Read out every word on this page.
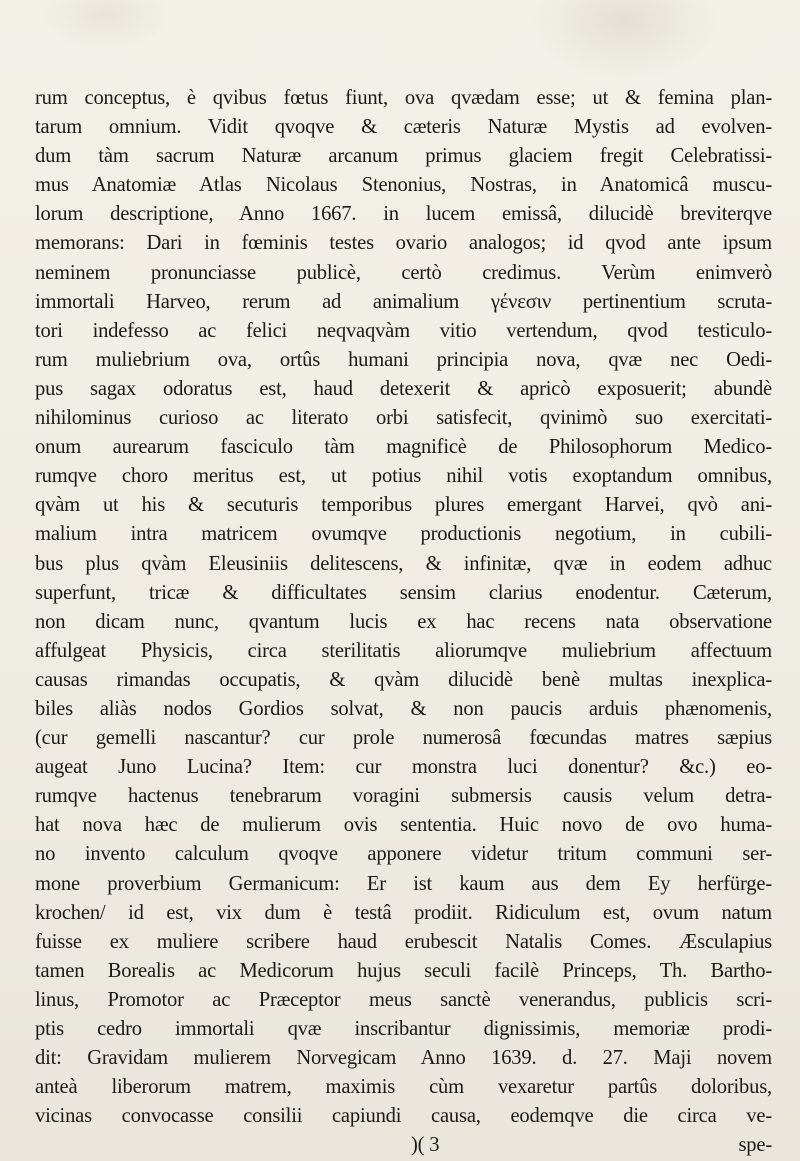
rum conceptus, è qvibus fœtus fiunt, ova qvædam esse; ut & femina plan-
tarum omnium. Vidit qvoqve & cæteris Naturæ Mystis ad evolven-
dum tàm sacrum Naturæ arcanum primus glaciem fregit Celebratissi-
mus Anatomiæ Atlas Nicolaus Stenonius, Nostras, in Anatomicâ muscu-
lorum descriptione, Anno 1667. in lucem emissâ, dilucidè breviterqve
memorans: Dari in fœminis testes ovario analogos; id qvod ante ipsum
neminem pronunciasse publicè, certò credimus. Verùm enimverò
immortali Harveo, rerum ad animalium γένεσιν pertinentium scruta-
tori indefesso ac felici neqvaqvàm vitio vertendum, qvod testiculo-
rum muliebrium ova, ortûs humani principia nova, qvæ nec Oedi-
pus sagax odoratus est, haud detexerit & apricò exposuerit; abundè
nihilominus curioso ac literato orbi satisfecit, qvinimò suo exercitati-
onum aurearum fasciculo tàm magnificè de Philosophorum Medico-
rumqve choro meritus est, ut potius nihil votis exoptandum omnibus,
qvàm ut his & secuturis temporibus plures emergant Harvei, qvò ani-
malium intra matricem ovumqve productionis negotium, in cubili-
bus plus qvàm Eleusiniis delitescens, & infinitæ, qvæ in eodem adhuc
superfunt, tricæ & difficultates sensim clarius enodentur. Cæterum,
non dicam nunc, qvantum lucis ex hac recens nata observatione
affulgeat Physicis, circa sterilitatis aliorumqve muliebrium affectuum
causas rimandas occupatis, & qvàm dilucidè benè multas inexplica-
biles aliàs nodos Gordios solvat, & non paucis arduis phænomenis,
(cur gemelli nascantur? cur prole numerosâ fœcundas matres sæpius
augeat Juno Lucina? Item: cur monstra luci donentur? &c.) eo-
rumqve hactenus tenebrarum voragini submersis causis velum detra-
hat nova hæc de mulierum ovis sententia. Huic novo de ovo huma-
no invento calculum qvoqve apponere videtur tritum communi ser-
mone proverbium Germanicum: Er ist kaum aus dem Ey herfürge-
krochen/ id est, vix dum è testâ prodiit. Ridiculum est, ovum natum
fuisse ex muliere scribere haud erubescit Natalis Comes. Æsculapius
tamen Borealis ac Medicorum hujus seculi facilè Princeps, Th. Bartho-
linus, Promotor ac Præceptor meus sanctè venerandus, publicis scri-
ptis cedro immortali qvæ inscribantur dignissimis, memoriæ prodi-
dit: Gravidam mulierem Norvegicam Anno 1639. d. 27. Maji novem
anteà liberorum matrem, maximis cùm vexaretur partûs doloribus,
vicinas convocasse consilii capiundi causa, eodemqve die circa ve-
)( 3	spe-
